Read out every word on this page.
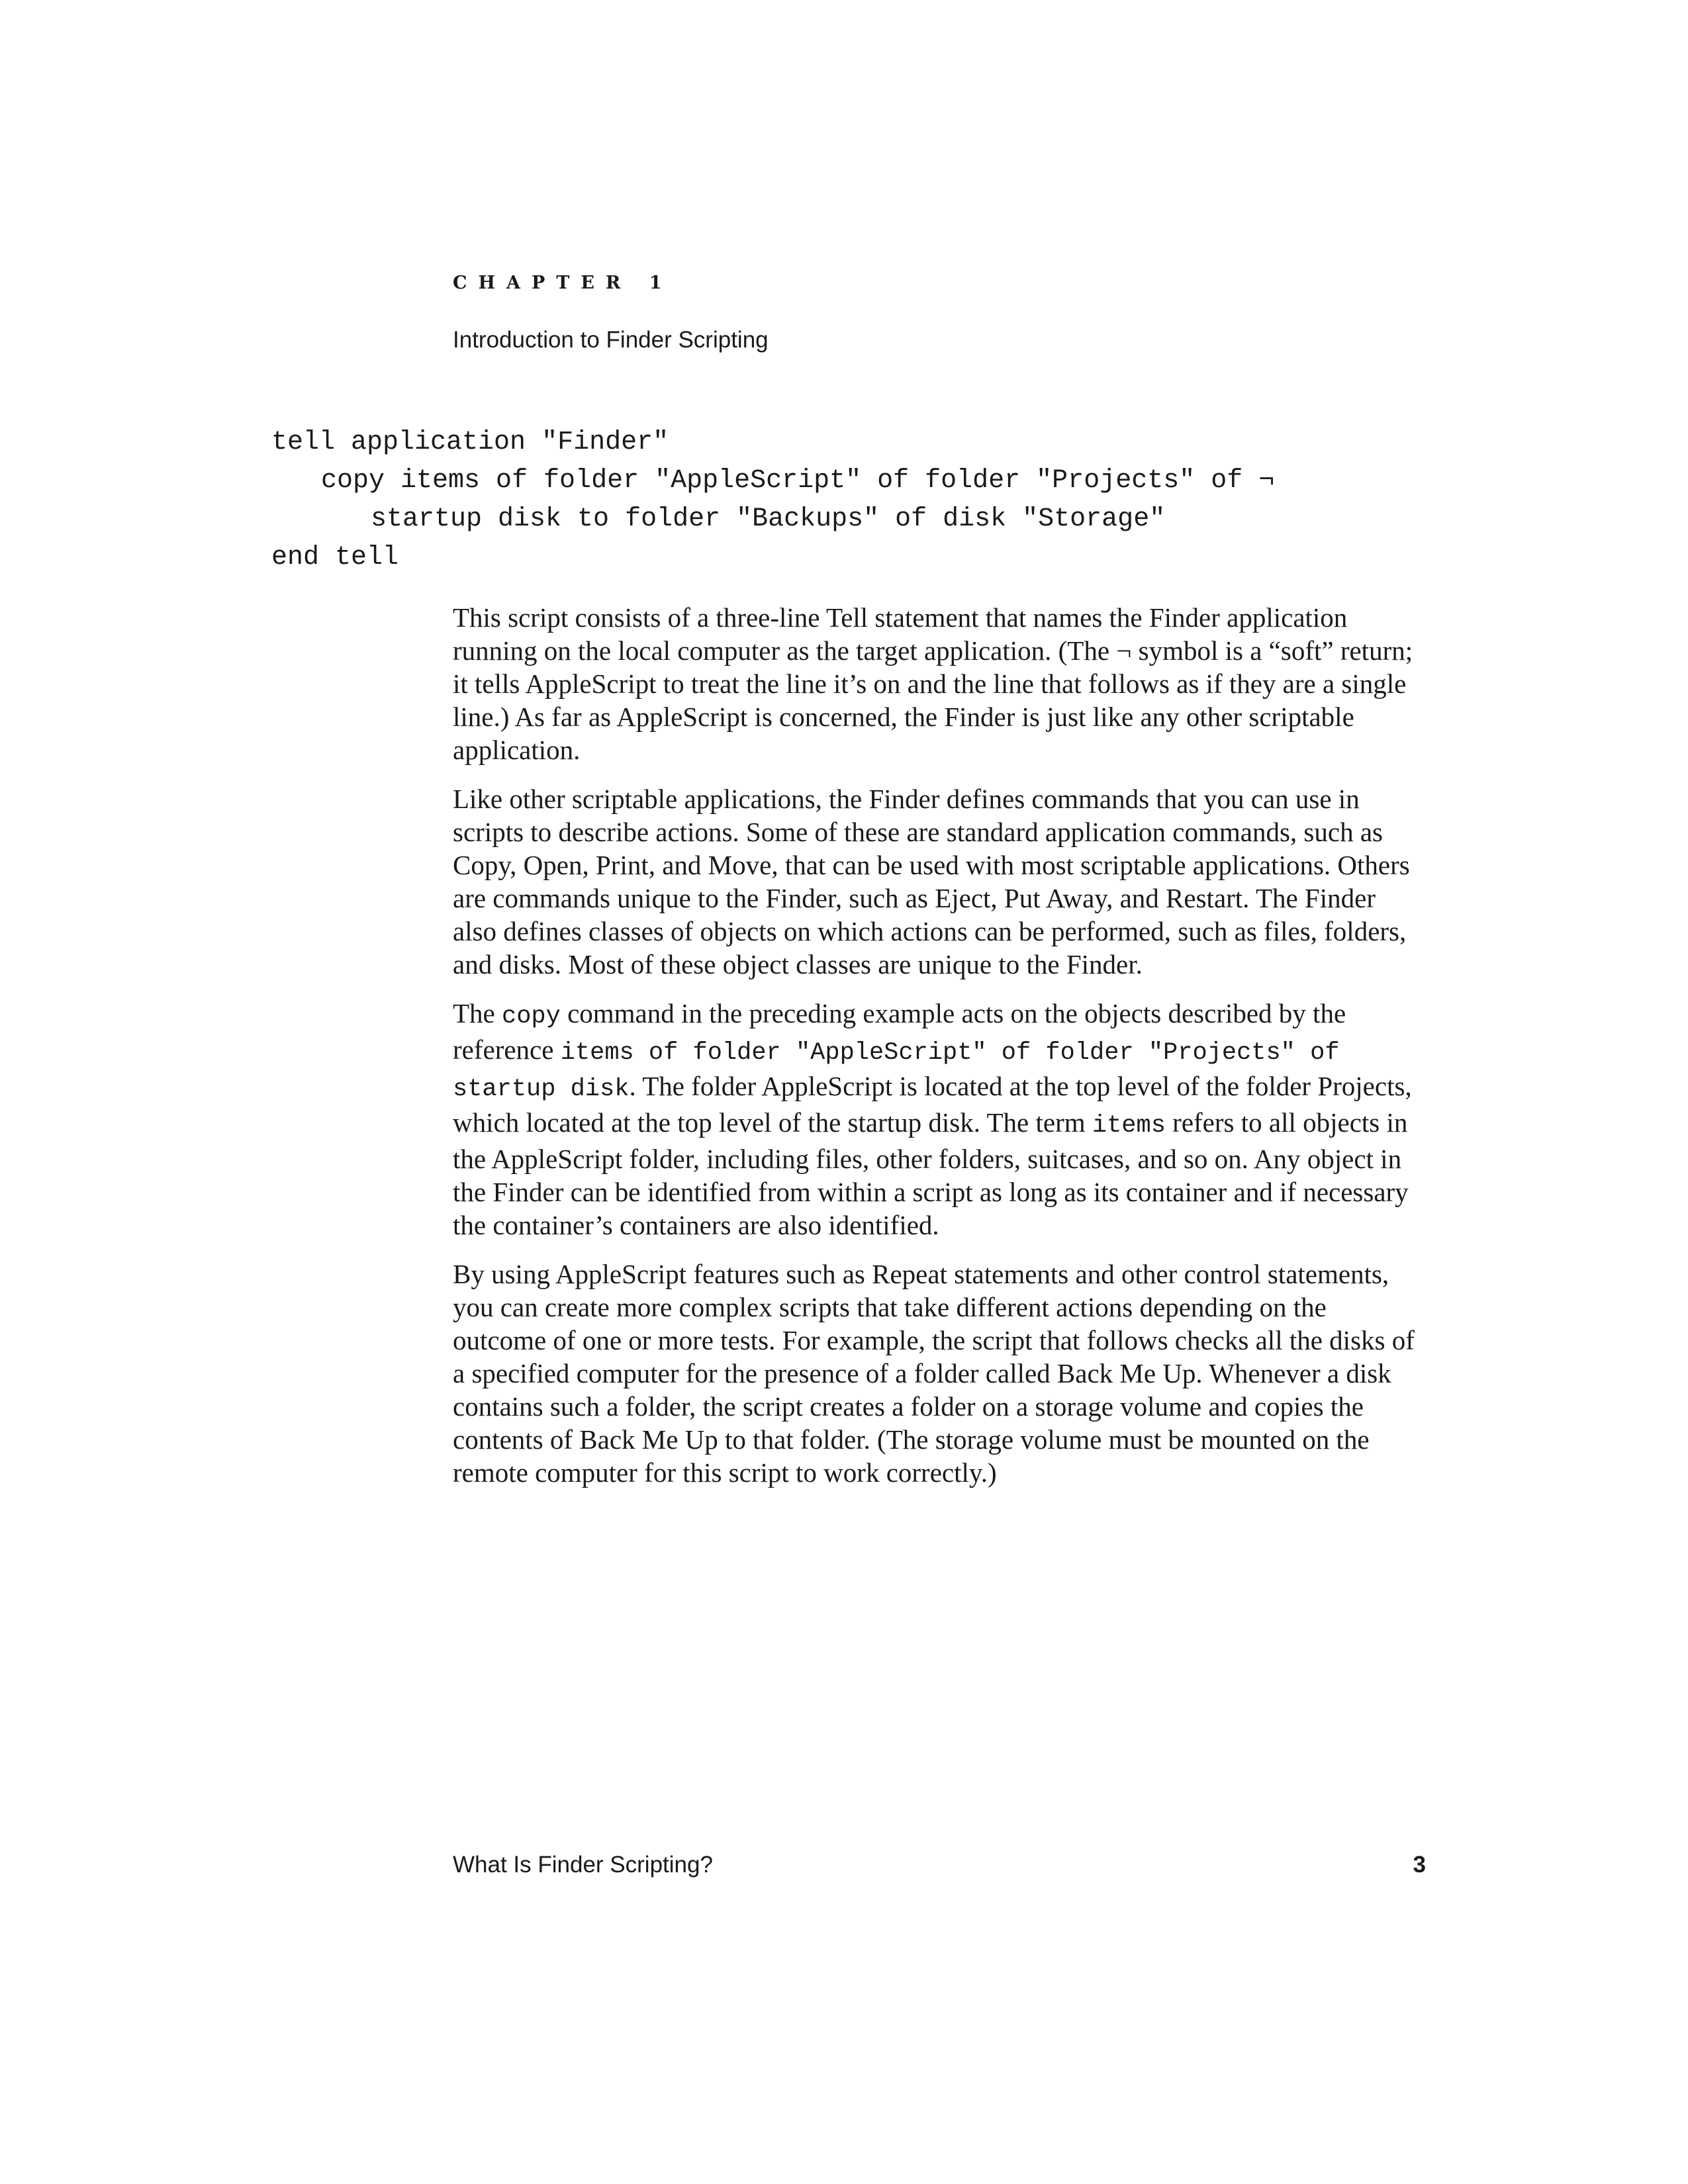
CHAPTER 1
Introduction to Finder Scripting
tell application "Finder"
copy items of folder "AppleScript" of folder "Projects" of ¬
startup disk to folder "Backups" of disk "Storage"
end tell

This script consists of a three-line Tell statement that names the Finder application running on the local computer as the target application. (The ¬ symbol is a “soft” return; it tells AppleScript to treat the line it’s on and the line that follows as if they are a single line.) As far as AppleScript is concerned, the Finder is just like any other scriptable application.

Like other scriptable applications, the Finder defines commands that you can use in scripts to describe actions. Some of these are standard application commands, such as Copy, Open, Print, and Move, that can be used with most scriptable applications. Others are commands unique to the Finder, such as Eject, Put Away, and Restart. The Finder also defines classes of objects on which actions can be performed, such as files, folders, and disks. Most of these object classes are unique to the Finder.

The copy command in the preceding example acts on the objects described by the reference items of folder "AppleScript" of folder "Projects" of startup disk. The folder AppleScript is located at the top level of the folder Projects, which located at the top level of the startup disk. The term items refers to all objects in the AppleScript folder, including files, other folders, suitcases, and so on. Any object in the Finder can be identified from within a script as long as its container and if necessary the container’s containers are also identified.

By using AppleScript features such as Repeat statements and other control statements, you can create more complex scripts that take different actions depending on the outcome of one or more tests. For example, the script that follows checks all the disks of a specified computer for the presence of a folder called Back Me Up. Whenever a disk contains such a folder, the script creates a folder on a storage volume and copies the contents of Back Me Up to that folder. (The storage volume must be mounted on the remote computer for this script to work correctly.)

What Is Finder Scripting?	3
